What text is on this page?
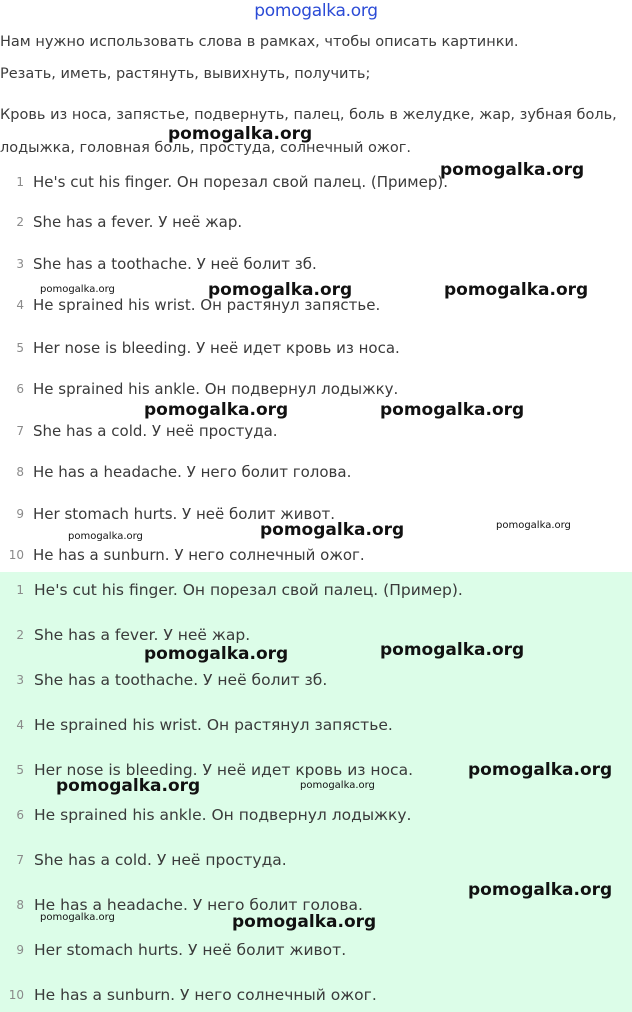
pomogalka.org
Нам нужно использовать слова в рамках, чтобы описать картинки.
Резать, иметь, растянуть, вывихнуть, получить;
Кровь из носа, запястье, подвернуть, палец, боль в желудке, жар, зубная боль,
лодыжка, головная боль, простуда, солнечный ожог.
1 He's cut his finger. Он порезал свой палец. (Пример).
2 She has a fever. У неё жар.
3 She has a toothache. У неё болит зб.
4 He sprained his wrist. Он растянул запястье.
5 Her nose is bleeding. У неё идет кровь из носа.
6 He sprained his ankle. Он подвернул лодыжку.
7 She has a cold. У неё простуда.
8 He has a headache. У него болит голова.
9 Her stomach hurts. У неё болит живот.
10 He has a sunburn. У него солнечный ожог.
1 He's cut his finger. Он порезал свой палец. (Пример).
2 She has a fever. У неё жар.
3 She has a toothache. У неё болит зб.
4 He sprained his wrist. Он растянул запястье.
5 Her nose is bleeding. У неё идет кровь из носа.
6 He sprained his ankle. Он подвернул лодыжку.
7 She has a cold. У неё простуда.
8 He has a headache. У него болит голова.
9 Her stomach hurts. У неё болит живот.
10 He has a sunburn. У него солнечный ожог.
pomogalka.org
pomogalka.org
pomogalka.org	pomogalka.org	pomogalka.org
pomogalka.org	pomogalka.org
pomogalka.org	pomogalka.org
pomogalka.org
pomogalka.org	pomogalka.org
pomogalka.org
pomogalka.org	pomogalka.org
pomogalka.org
pomogalka.org	pomogalka.org
